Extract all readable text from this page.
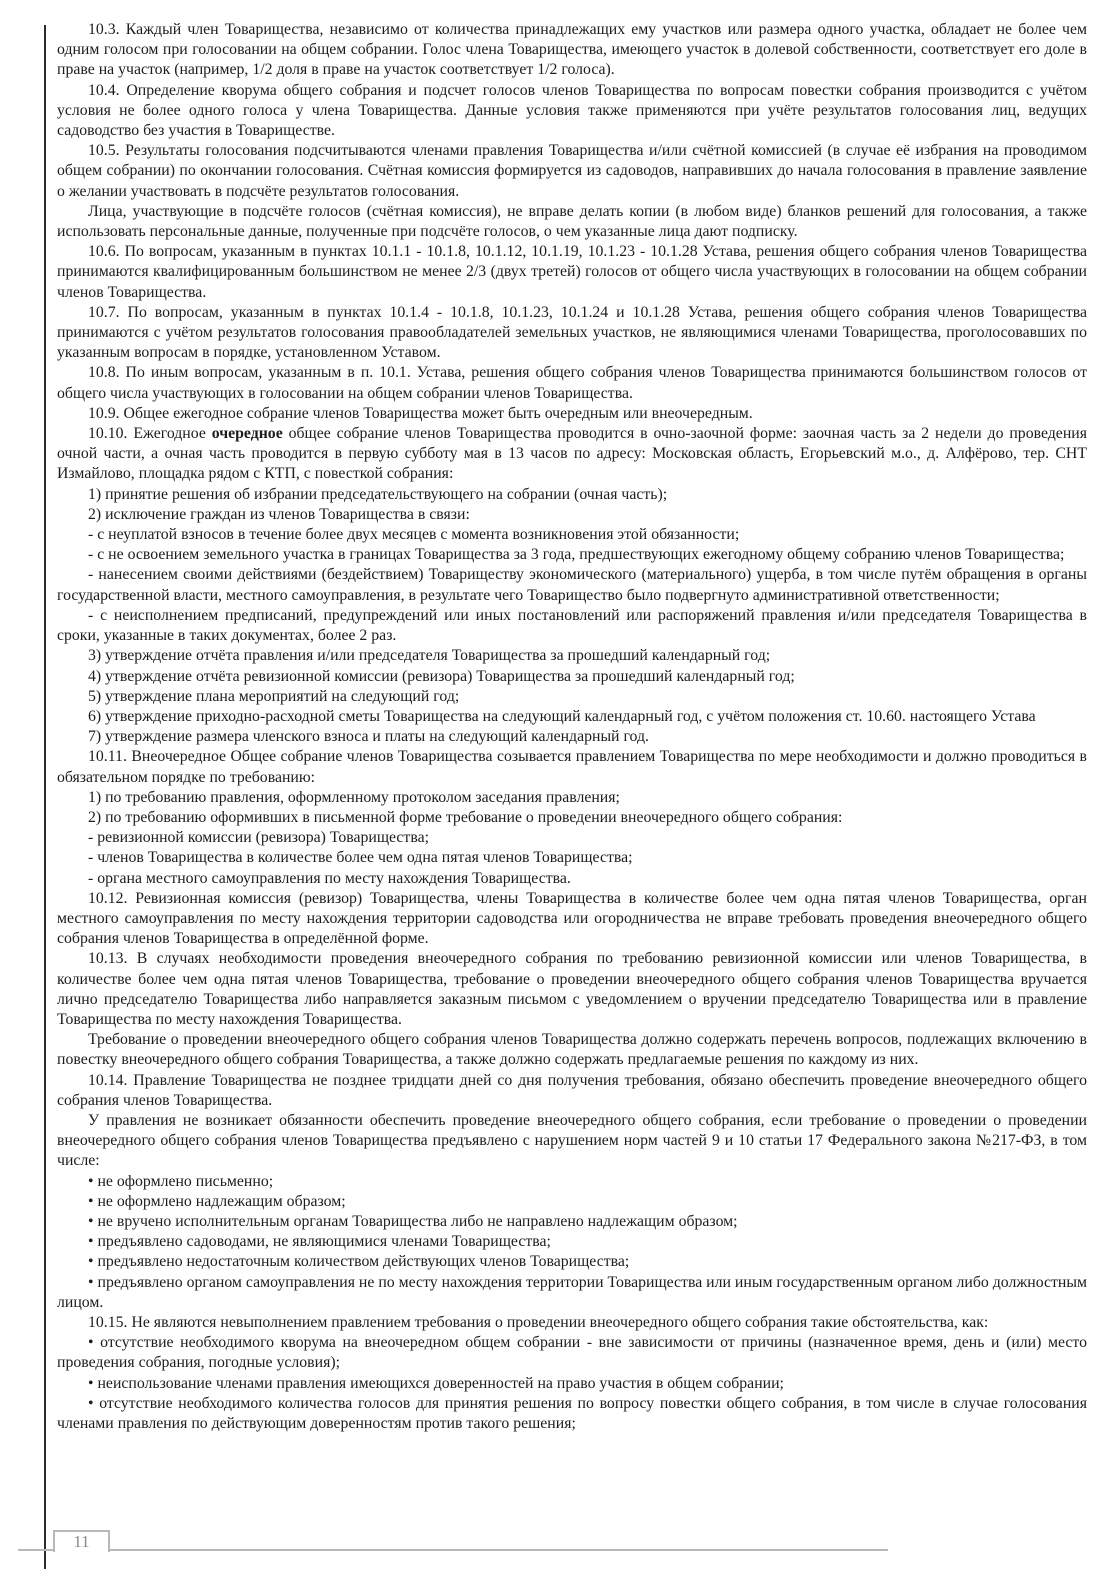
10.3. Каждый член Товарищества, независимо от количества принадлежащих ему участков или размера одного участка, обладает не более чем одним голосом при голосовании на общем собрании. Голос члена Товарищества, имеющего участок в долевой собственности, соответствует его доле в праве на участок (например, 1/2 доля в праве на участок соответствует 1/2 голоса).

10.4. Определение кворума общего собрания и подсчет голосов членов Товарищества по вопросам повестки собрания производится с учётом условия не более одного голоса у члена Товарищества. Данные условия также применяются при учёте результатов голосования лиц, ведущих садоводство без участия в Товариществе.

10.5. Результаты голосования подсчитываются членами правления Товарищества и/или счётной комиссией (в случае её избрания на проводимом общем собрании) по окончании голосования. Счётная комиссия формируется из садоводов, направивших до начала голосования в правление заявление о желании участвовать в подсчёте результатов голосования.

Лица, участвующие в подсчёте голосов (счётная комиссия), не вправе делать копии (в любом виде) бланков решений для голосования, а также использовать персональные данные, полученные при подсчёте голосов, о чем указанные лица дают подписку.

10.6. По вопросам, указанным в пунктах 10.1.1 - 10.1.8, 10.1.12, 10.1.19, 10.1.23 - 10.1.28 Устава, решения общего собрания членов Товарищества принимаются квалифицированным большинством не менее 2/3 (двух третей) голосов от общего числа участвующих в голосовании на общем собрании членов Товарищества.

10.7. По вопросам, указанным в пунктах 10.1.4 - 10.1.8, 10.1.23, 10.1.24 и 10.1.28 Устава, решения общего собрания членов Товарищества принимаются с учётом результатов голосования правообладателей земельных участков, не являющимися членами Товарищества, проголосовавших по указанным вопросам в порядке, установленном Уставом.

10.8. По иным вопросам, указанным в п. 10.1. Устава, решения общего собрания членов Товарищества принимаются большинством голосов от общего числа участвующих в голосовании на общем собрании членов Товарищества.

10.9. Общее ежегодное собрание членов Товарищества может быть очередным или внеочередным.

10.10. Ежегодное очередное общее собрание членов Товарищества проводится в очно-заочной форме: заочная часть за 2 недели до проведения очной части, а очная часть проводится в первую субботу мая в 13 часов по адресу: Московская область, Егорьевский м.о., д. Алфёрово, тер. СНТ Измайлово, площадка рядом с КТП, с повесткой собрания:

1) принятие решения об избрании председательствующего на собрании (очная часть);

2) исключение граждан из членов Товарищества в связи:

- с неуплатой взносов в течение более двух месяцев с момента возникновения этой обязанности;

- с не освоением земельного участка в границах Товарищества за 3 года, предшествующих ежегодному общему собранию членов Товарищества;

- нанесением своими действиями (бездействием) Товариществу экономического (материального) ущерба, в том числе путём обращения в органы государственной власти, местного самоуправления, в результате чего Товарищество было подвергнуто административной ответственности;

- с неисполнением предписаний, предупреждений или иных постановлений или распоряжений правления и/или председателя Товарищества в сроки, указанные в таких документах, более 2 раз.

3) утверждение отчёта правления и/или председателя Товарищества за прошедший календарный год;

4) утверждение отчёта ревизионной комиссии (ревизора) Товарищества за прошедший календарный год;

5) утверждение плана мероприятий на следующий год;

6) утверждение приходно-расходной сметы Товарищества на следующий календарный год, с учётом положения ст. 10.60. настоящего Устава

7) утверждение размера членского взноса и платы на следующий календарный год.

10.11. Внеочередное Общее собрание членов Товарищества созывается правлением Товарищества по мере необходимости и должно проводиться в обязательном порядке по требованию:

1) по требованию правления, оформленному протоколом заседания правления;

2) по требованию оформивших в письменной форме требование о проведении внеочередного общего собрания:

- ревизионной комиссии (ревизора) Товарищества;

- членов Товарищества в количестве более чем одна пятая членов Товарищества;

- органа местного самоуправления по месту нахождения Товарищества.

10.12. Ревизионная комиссия (ревизор) Товарищества, члены Товарищества в количестве более чем одна пятая членов Товарищества, орган местного самоуправления по месту нахождения территории садоводства или огородничества не вправе требовать проведения внеочередного общего собрания членов Товарищества в определённой форме.

10.13. В случаях необходимости проведения внеочередного собрания по требованию ревизионной комиссии или членов Товарищества, в количестве более чем одна пятая членов Товарищества, требование о проведении внеочередного общего собрания членов Товарищества вручается лично председателю Товарищества либо направляется заказным письмом с уведомлением о вручении председателю Товарищества или в правление Товарищества по месту нахождения Товарищества.

Требование о проведении внеочередного общего собрания членов Товарищества должно содержать перечень вопросов, подлежащих включению в повестку внеочередного общего собрания Товарищества, а также должно содержать предлагаемые решения по каждому из них.

10.14. Правление Товарищества не позднее тридцати дней со дня получения требования, обязано обеспечить проведение внеочередного общего собрания членов Товарищества.

У правления не возникает обязанности обеспечить проведение внеочередного общего собрания, если требование о проведении о проведении внеочередного общего собрания членов Товарищества предъявлено с нарушением норм частей 9 и 10 статьи 17 Федерального закона №217-ФЗ, в том числе:

• не оформлено письменно;

• не оформлено надлежащим образом;

• не вручено исполнительным органам Товарищества либо не направлено надлежащим образом;

• предъявлено садоводами, не являющимися членами Товарищества;

• предъявлено недостаточным количеством действующих членов Товарищества;

• предъявлено органом самоуправления не по месту нахождения территории Товарищества или иным государственным органом либо должностным лицом.

10.15. Не являются невыполнением правлением требования о проведении внеочередного общего собрания такие обстоятельства, как:

• отсутствие необходимого кворума на внеочередном общем собрании - вне зависимости от причины (назначенное время, день и (или) место проведения собрания, погодные условия);

• неиспользование членами правления имеющихся доверенностей на право участия в общем собрании;

• отсутствие необходимого количества голосов для принятия решения по вопросу повестки общего собрания, в том числе в случае голосования членами правления по действующим доверенностям против такого решения;

11
